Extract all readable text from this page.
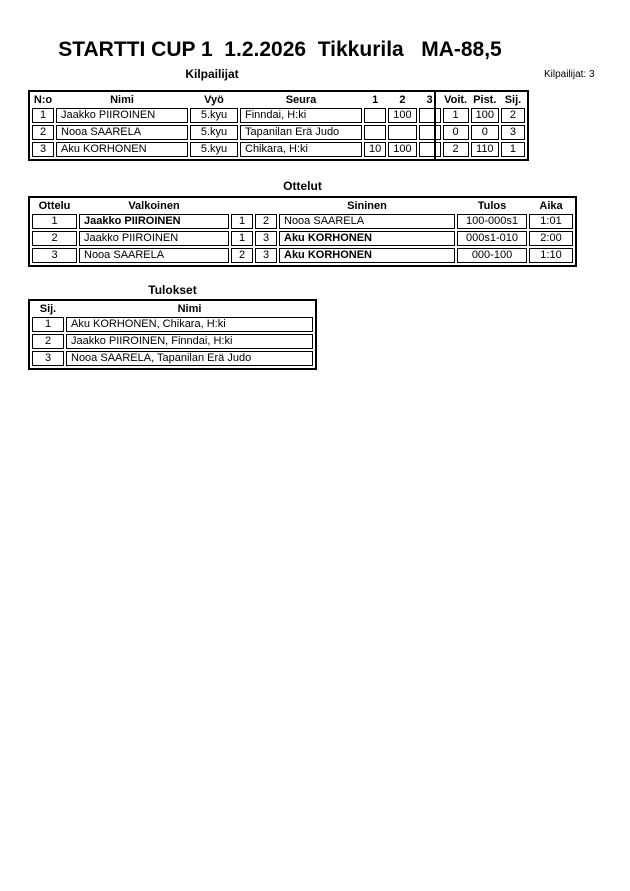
STARTTI CUP 1  1.2.2026  Tikkurila   MA-88,5
Kilpailijat	Kilpailijat: 3
N:o	Nimi	Vyö	Seura	1	2	3	Voit.	Pist.	Sij.
1	Jaakko PIIROINEN	5.kyu	Finndai, H:ki		100		1	100	2
2	Nooa SAARELA	5.kyu	Tapanilan Erä Judo				0	0	3
3	Aku KORHONEN	5.kyu	Chikara, H:ki	10	100		2	110	1
Ottelut
Ottelu	Valkoinen			Sininen	Tulos	Aika
1	Jaakko PIIROINEN	1	2	Nooa SAARELA	100-000s1	1:01
2	Jaakko PIIROINEN	1	3	Aku KORHONEN	000s1-010	2:00
3	Nooa SAARELA	2	3	Aku KORHONEN	000-100	1:10
Tulokset
Sij.	Nimi
1	Aku KORHONEN, Chikara, H:ki
2	Jaakko PIIROINEN, Finndai, H:ki
3	Nooa SAARELA, Tapanilan Erä Judo
